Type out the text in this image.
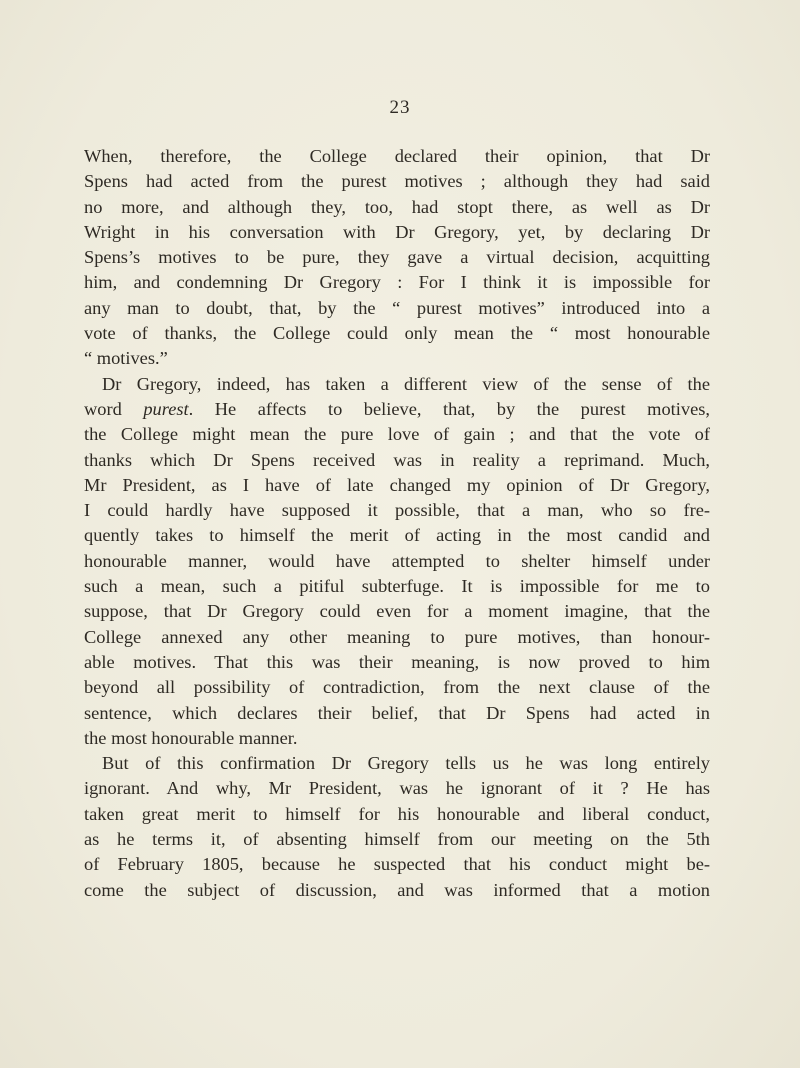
23

When, therefore, the College declared their opinion, that Dr
Spens had acted from the purest motives ; although they had said
no more, and although they, too, had stopt there, as well as Dr
Wright in his conversation with Dr Gregory, yet, by declaring Dr
Spens’s motives to be pure, they gave a virtual decision, acquitting
him, and condemning Dr Gregory : For I think it is impossible for
any man to doubt, that, by the “ purest motives” introduced into a
vote of thanks, the College could only mean the “ most honourable
“ motives.”

Dr Gregory, indeed, has taken a different view of the sense of the
word purest. He affects to believe, that, by the purest motives,
the College might mean the pure love of gain ; and that the vote of
thanks which Dr Spens received was in reality a reprimand. Much,
Mr President, as I have of late changed my opinion of Dr Gregory,
I could hardly have supposed it possible, that a man, who so fre-
quently takes to himself the merit of acting in the most candid and
honourable manner, would have attempted to shelter himself under
such a mean, such a pitiful subterfuge. It is impossible for me to
suppose, that Dr Gregory could even for a moment imagine, that the
College annexed any other meaning to pure motives, than honour-
able motives. That this was their meaning, is now proved to him
beyond all possibility of contradiction, from the next clause of the
sentence, which declares their belief, that Dr Spens had acted in
the most honourable manner.

But of this confirmation Dr Gregory tells us he was long entirely
ignorant. And why, Mr President, was he ignorant of it ? He has
taken great merit to himself for his honourable and liberal conduct,
as he terms it, of absenting himself from our meeting on the 5th
of February 1805, because he suspected that his conduct might be-
come the subject of discussion, and was informed that a motion
